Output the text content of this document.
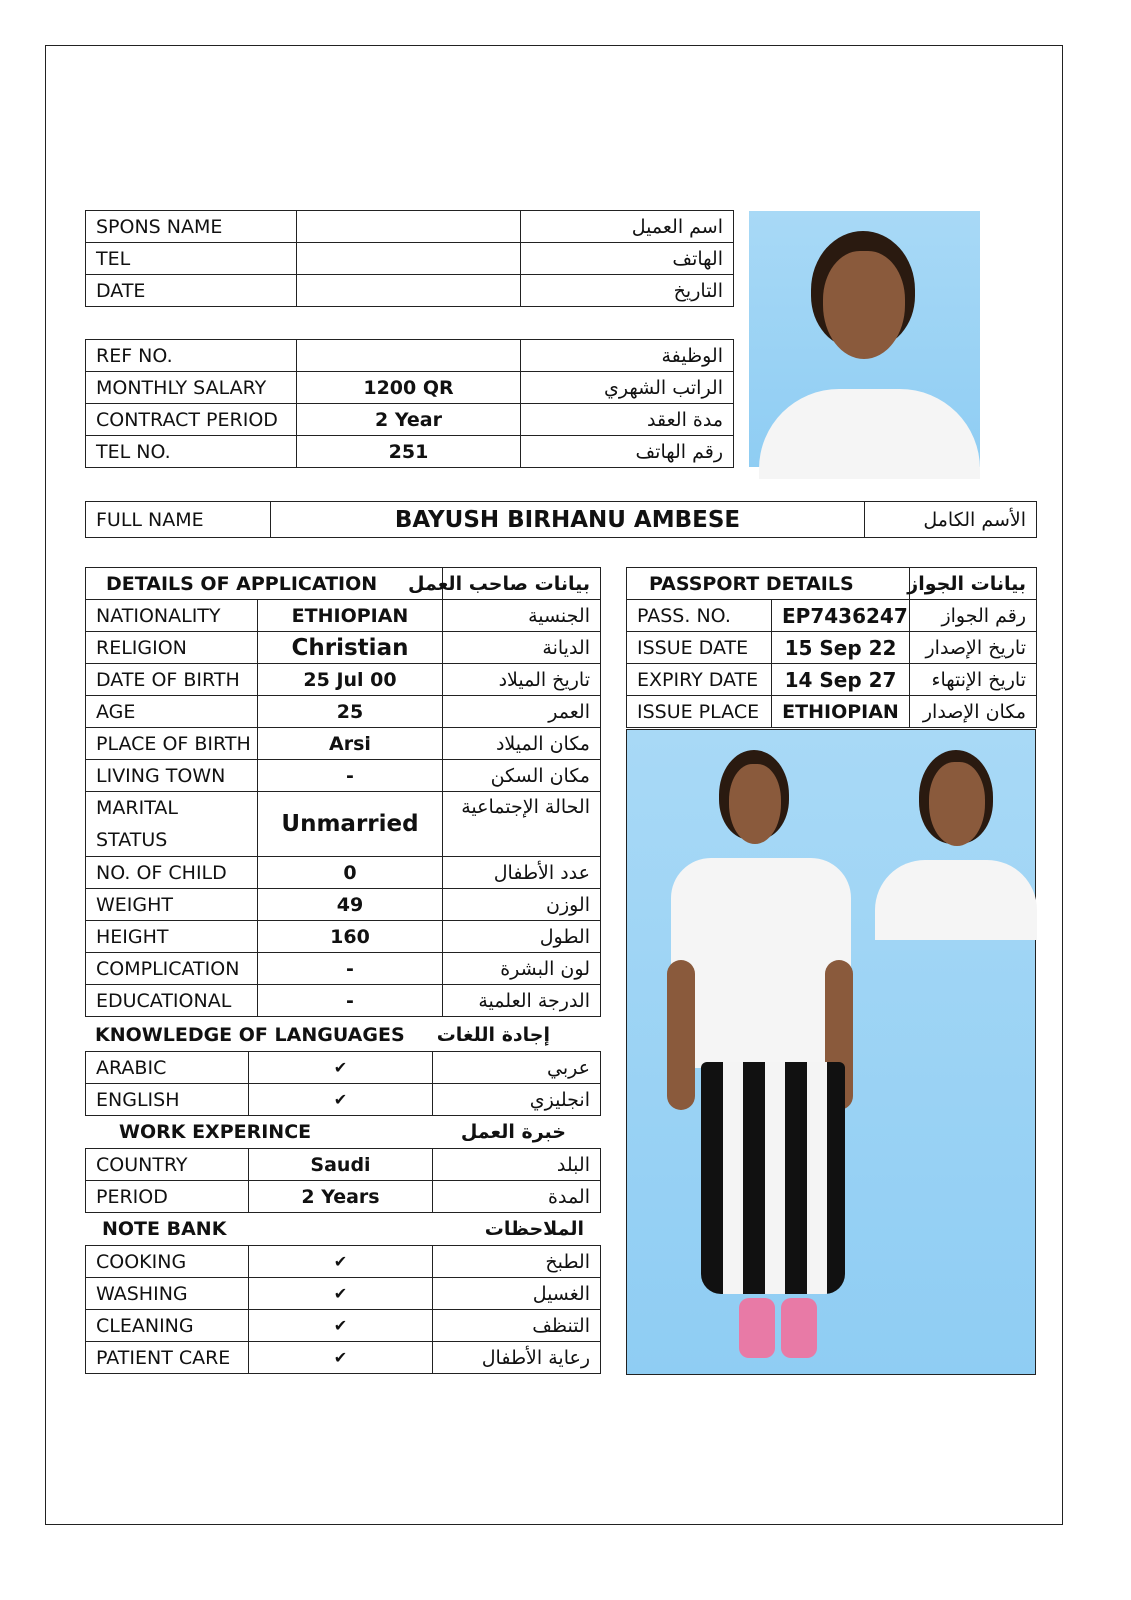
SPONS NAME		اسم العميل
TEL		الهاتف
DATE		التاريخ
REF NO.		الوظيفة
MONTHLY SALARY	1200 QR	الراتب الشهري
CONTRACT PERIOD	2 Year	مدة العقد
TEL NO.	251	رقم الهاتف
FULL NAME	BAYUSH BIRHANU AMBESE	الأسم الكامل
DETAILS OF APPLICATION		بيانات صاحب العمل
NATIONALITY	ETHIOPIAN	الجنسية
RELIGION	Christian	الديانة
DATE OF BIRTH	25 Jul 00	تاريخ الميلاد
AGE	25	العمر
PLACE OF BIRTH	Arsi	مكان الميلاد
LIVING TOWN	-	مكان السكن
MARITAL STATUS	Unmarried	الحالة الإجتماعية
NO. OF CHILD	0	عدد الأطفال
WEIGHT	49	الوزن
HEIGHT	160	الطول
COMPLICATION	-	لون البشرة
EDUCATIONAL	-	الدرجة العلمية
KNOWLEDGE OF LANGUAGES	إجادة اللغات
ARABIC	✔	عربي
ENGLISH	✔	انجليزي
WORK EXPERINCE	خبرة العمل
COUNTRY	Saudi	البلد
PERIOD	2 Years	المدة
NOTE BANK	الملاحظات
COOKING	✔	الطبخ
WASHING	✔	الغسيل
CLEANING	✔	التنظف
PATIENT CARE	✔	رعاية الأطفال
PASSPORT DETAILS		بيانات الجواز
PASS. NO.	EP7436247	رقم الجواز
ISSUE DATE	15 Sep 22	تاريخ الإصدار
EXPIRY DATE	14 Sep 27	تاريخ الإنتهاء
ISSUE PLACE	ETHIOPIAN	مكان الإصدار
